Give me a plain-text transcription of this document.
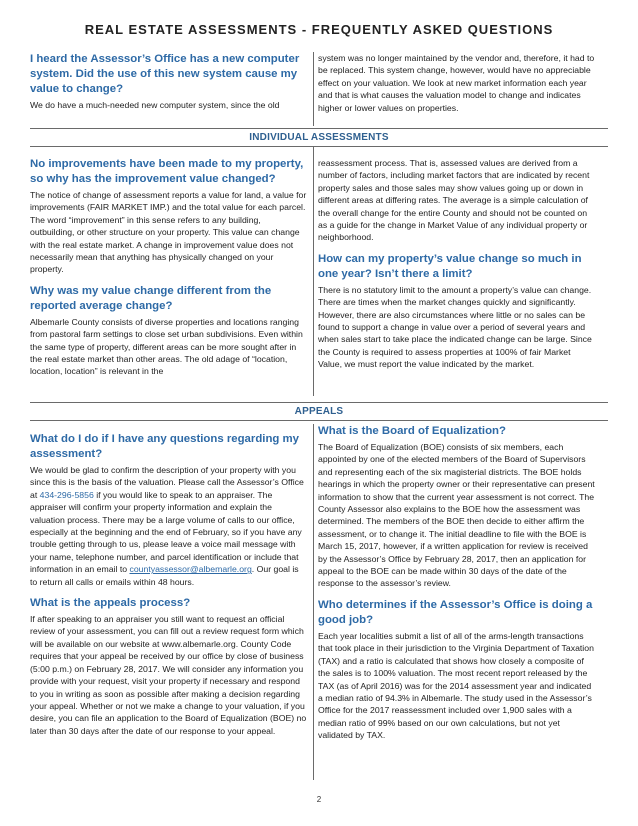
REAL ESTATE ASSESSMENTS - FREQUENTLY ASKED QUESTIONS
I heard the Assessor’s Office has a new computer system. Did the use of this new system cause my value to change?

We do have a much-needed new computer system, since the old

system was no longer maintained by the vendor and, therefore, it had to be replaced. This system change, however, would have no appreciable effect on your valuation. We look at new market information each year and that is what causes the valuation model to change and indicates higher or lower values on properties.

INDIVIDUAL ASSESSMENTS
No improvements have been made to my property, so why has the improvement value changed?

The notice of change of assessment reports a value for land, a value for improvements (FAIR MARKET IMP.) and the total value for each parcel. The word “improvement” in this sense refers to any building, outbuilding, or other structure on your property. This value can change with the real estate market. A change in improvement value does not necessarily mean that anything has physically changed on your property.

Why was my value change different from the reported average change?

Albemarle County consists of diverse properties and locations ranging from pastoral farm settings to close set urban subdivisions. Even within the same type of property, different areas can be more sought after in the real estate market than other areas. The old adage of “location, location, location” is relevant in the

reassessment process. That is, assessed values are derived from a number of factors, including market factors that are indicated by recent property sales and those sales may show values going up or down in different areas at differing rates. The average is a simple calculation of the overall change for the entire County and should not be counted on as a guide for the change in Market Value of any individual property or neighborhood.

How can my property’s value change so much in one year? Isn’t there a limit?

There is no statutory limit to the amount a property’s value can change. There are times when the market changes quickly and significantly. However, there are also circumstances where little or no sales can be found to support a change in value over a period of several years and when sales start to take place the indicated change can be large. Since the County is required to assess properties at 100% of fair Market Value, we must report the value indicated by the market.

APPEALS
What do I do if I have any questions regarding my assessment?

We would be glad to confirm the description of your property with you since this is the basis of the valuation. Please call the Assessor’s Office at 434-296-5856 if you would like to speak to an appraiser. The appraiser will confirm your property information and explain the valuation process. There may be a large volume of calls to our office, especially at the beginning and the end of February, so if you have any trouble getting through to us, please leave a voice mail message with your name, telephone number, and parcel identification or include that information in an email to countyassessor@albemarle.org. Our goal is to return all calls or emails within 48 hours.

What is the appeals process?

If after speaking to an appraiser you still want to request an official review of your assessment, you can fill out a review request form which will be available on our website at www.albemarle.org. County Code requires that your appeal be received by our office by close of business (5:00 p.m.) on February 28, 2017. We will consider any information you provide with your request, visit your property if necessary and respond to you in writing as soon as possible after making a decision regarding your appeal. Whether or not we make a change to your valuation, if you desire, you can file an application to the Board of Equalization (BOE) no later than 30 days after the date of our response to your appeal.

What is the Board of Equalization?

The Board of Equalization (BOE) consists of six members, each appointed by one of the elected members of the Board of Supervisors and representing each of the six magisterial districts. The BOE holds hearings in which the property owner or their representative can present information to show that the current year assessment is not correct. The County Assessor also explains to the BOE how the assessment was determined. The members of the BOE then decide to either affirm the assessment, or to change it. The initial deadline to file with the BOE is March 15, 2017, however, if a written application for review is received by the Assessor’s Office by February 28, 2017, then an application for appeal to the BOE can be made within 30 days of the date of the response to the assessor’s review.

Who determines if the Assessor’s Office is doing a good job?

Each year localities submit a list of all of the arms-length transactions that took place in their jurisdiction to the Virginia Department of Taxation (TAX) and a ratio is calculated that shows how closely a composite of the sales is to 100% valuation. The most recent report released by the TAX (as of April 2016) was for the 2014 assessment year and indicated a median ratio of 94.3% in Albemarle. The study used in the Assessor’s Office for the 2017 reassessment included over 1,900 sales with a median ratio of 99% based on our own calculations, but not yet validated by TAX.

2
